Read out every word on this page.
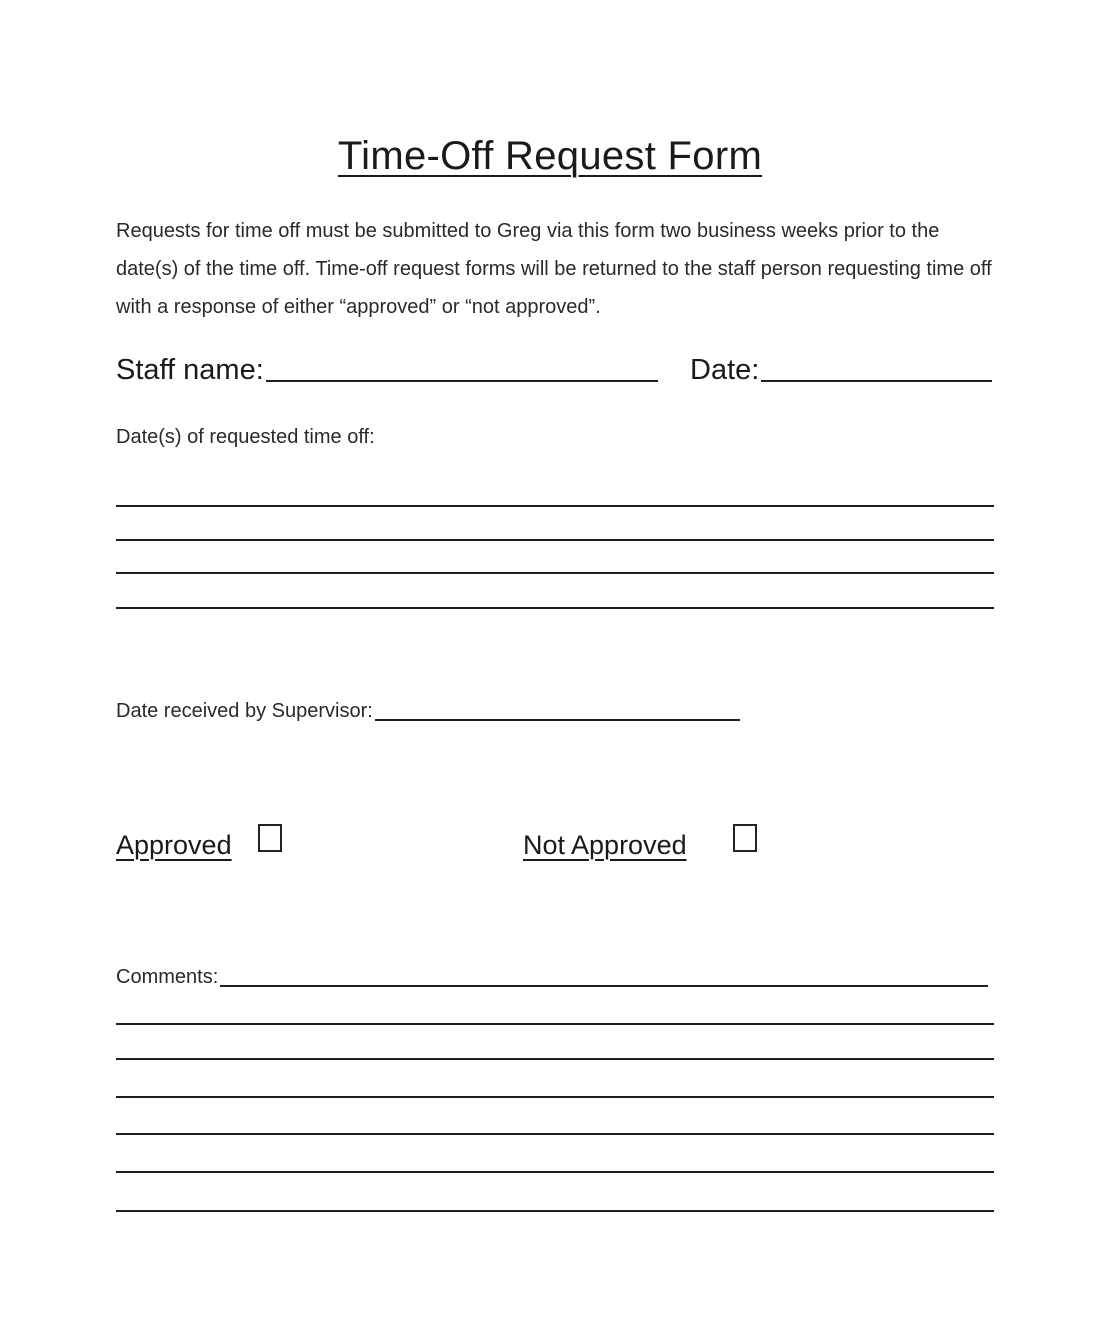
Time-Off Request Form

Requests for time off must be submitted to Greg via this form two business weeks prior to the date(s) of the time off. Time-off request forms will be returned to the staff person requesting time off with a response of either “approved” or “not approved”.

Staff name:	Date:
Date(s) of requested time off:
Date received by Supervisor:
Approved	Not Approved
Comments:
